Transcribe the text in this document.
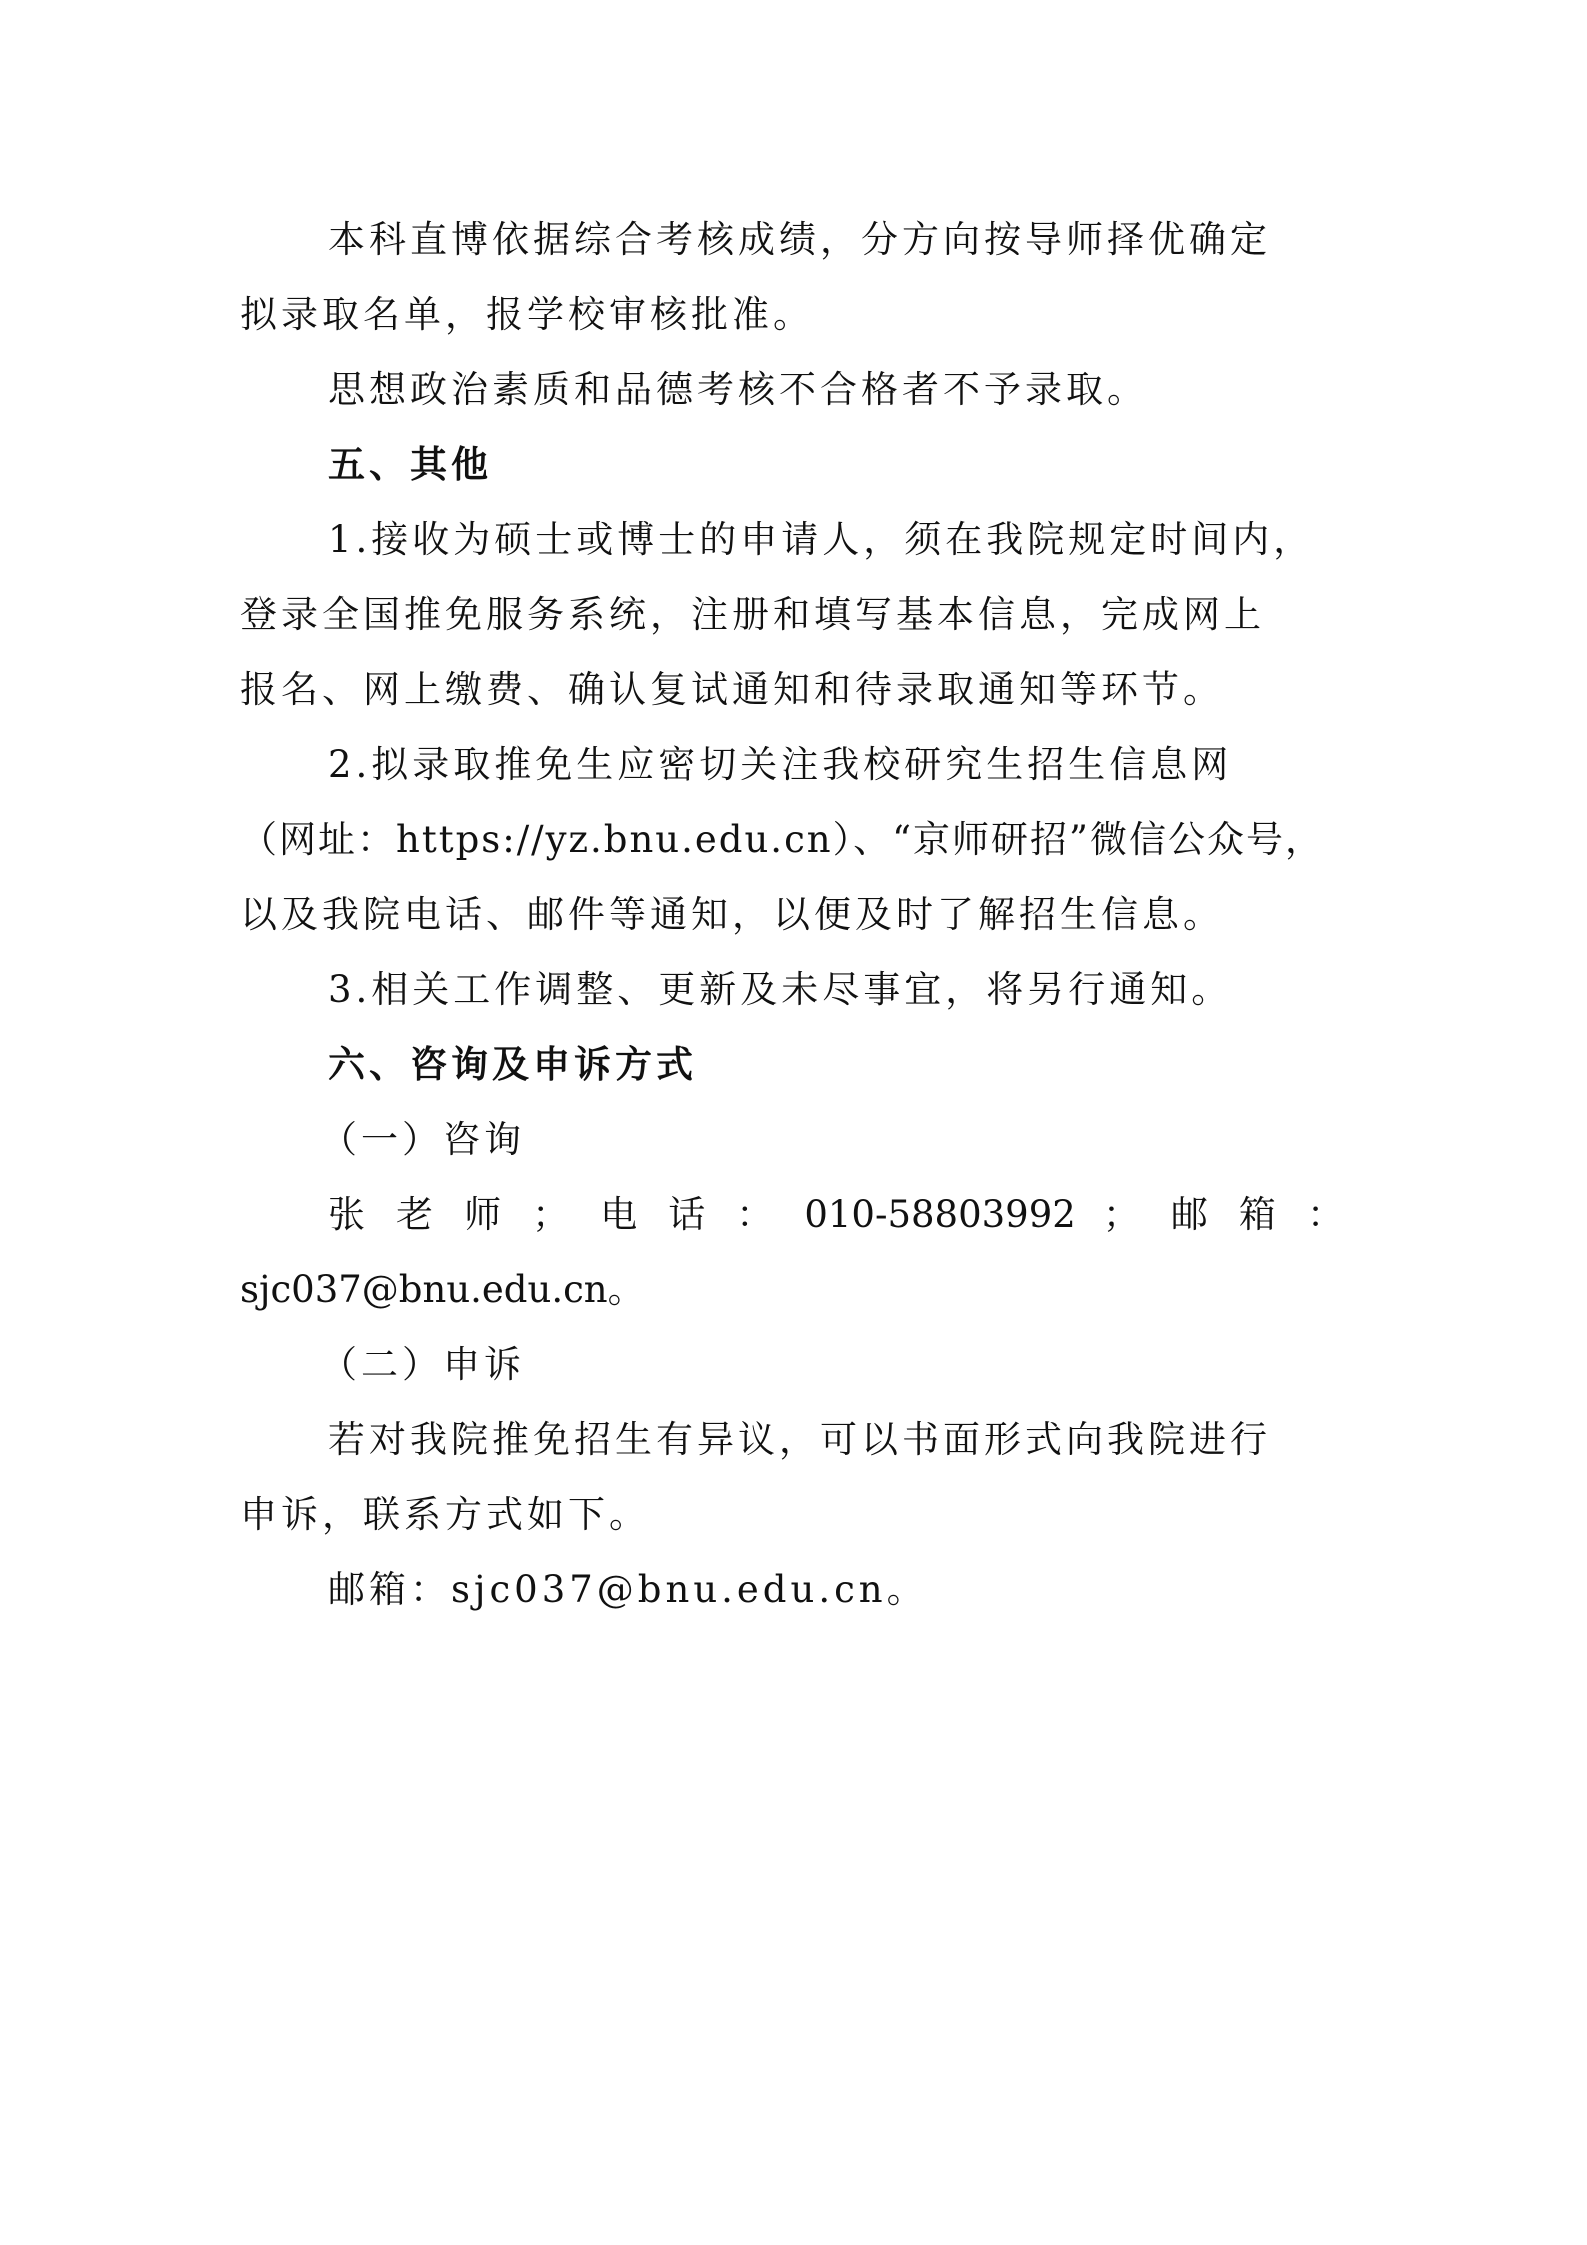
本科直博依据综合考核成绩，分方向按导师择优确定
拟录取名单，报学校审核批准。
思想政治素质和品德考核不合格者不予录取。
五、其他
1.接收为硕士或博士的申请人，须在我院规定时间内，
登录全国推免服务系统，注册和填写基本信息，完成网上
报名、网上缴费、确认复试通知和待录取通知等环节。
2.拟录取推免生应密切关注我校研究生招生信息网
（网址：https://yz.bnu.edu.cn）、“京师研招”微信公众号，
以及我院电话、邮件等通知，以便及时了解招生信息。
3.相关工作调整、更新及未尽事宜，将另行通知。
六、咨询及申诉方式
（一）咨询
张 老 师 ； 电 话 ： 010-58803992 ； 邮 箱 ：
sjc037@bnu.edu.cn。
（二）申诉
若对我院推免招生有异议，可以书面形式向我院进行
申诉，联系方式如下。
邮箱：sjc037@bnu.edu.cn。
